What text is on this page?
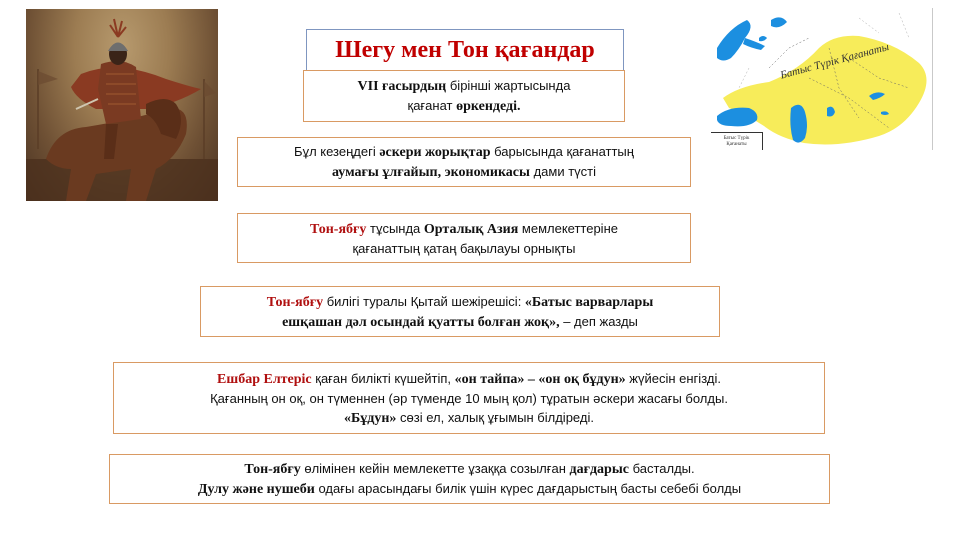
Батыс Түрік Қағанаты
Батыс Түрік
Қағанаты
Шегу мен Тон қағандар

VII ғасырдың бірінші жартысында

қағанат өркендеді.

Бұл кезеңдегі әскери жорықтар барысында қағанаттың

аумағы ұлғайып, экономикасы дами түсті

Тон-ябғу тұсында Орталық Азия мемлекеттеріне

қағанаттың қатаң бақылауы орнықты

Тон-ябғу билігі туралы Қытай шежірешісі: «Батыс варварлары

ешқашан дәл осындай қуатты болған жоқ», – деп жазды

Ешбар Елтеріс қаған билікті күшейтіп, «он тайпа» – «он оқ бұдун» жүйесін енгізді.

Қағанның он оқ, он түменнен (әр түменде 10 мың қол) тұратын әскери жасағы болды.

«Бұдун» сөзі ел, халық ұғымын білдіреді.

Тон-ябғу өлімінен кейін мемлекетте ұзаққа созылған дағдарыс басталды.

Дулу және нушеби одағы арасындағы билік үшін күрес дағдарыстың басты себебі болды
